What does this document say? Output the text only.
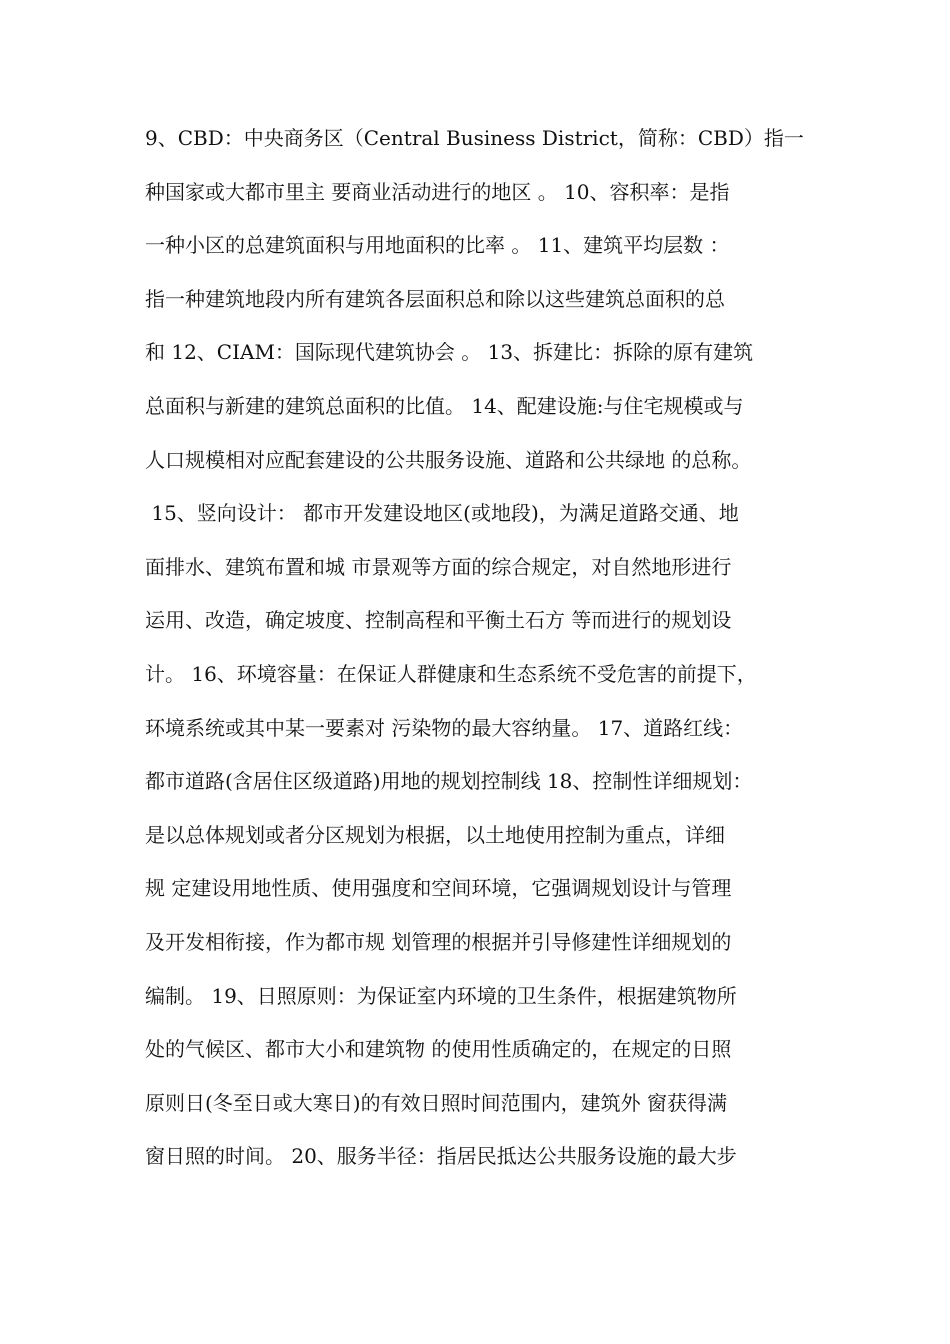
9、CBD：中央商务区（Central Business District，简称：CBD）指一
种国家或大都市里主 要商业活动进行的地区 。 10、容积率：是指
一种小区的总建筑面积与用地面积的比率 。 11、建筑平均层数 ：
指一种建筑地段内所有建筑各层面积总和除以这些建筑总面积的总
和 12、CIAM：国际现代建筑协会 。 13、拆建比：拆除的原有建筑
总面积与新建的建筑总面积的比值。 14、配建设施:与住宅规模或与
人口规模相对应配套建设的公共服务设施、道路和公共绿地 的总称。
15、竖向设计： 都市开发建设地区(或地段)，为满足道路交通、地
面排水、建筑布置和城 市景观等方面的综合规定，对自然地形进行
运用、改造，确定坡度、控制高程和平衡土石方 等而进行的规划设
计。 16、环境容量：在保证人群健康和生态系统不受危害的前提下，
环境系统或其中某一要素对 污染物的最大容纳量。 17、道路红线：
都市道路(含居住区级道路)用地的规划控制线 18、控制性详细规划：
是以总体规划或者分区规划为根据，以土地使用控制为重点，详细
规 定建设用地性质、使用强度和空间环境，它强调规划设计与管理
及开发相衔接，作为都市规 划管理的根据并引导修建性详细规划的
编制。 19、日照原则：为保证室内环境的卫生条件，根据建筑物所
处的气候区、都市大小和建筑物 的使用性质确定的，在规定的日照
原则日(冬至日或大寒日)的有效日照时间范围内，建筑外 窗获得满
窗日照的时间。 20、服务半径：指居民抵达公共服务设施的最大步
